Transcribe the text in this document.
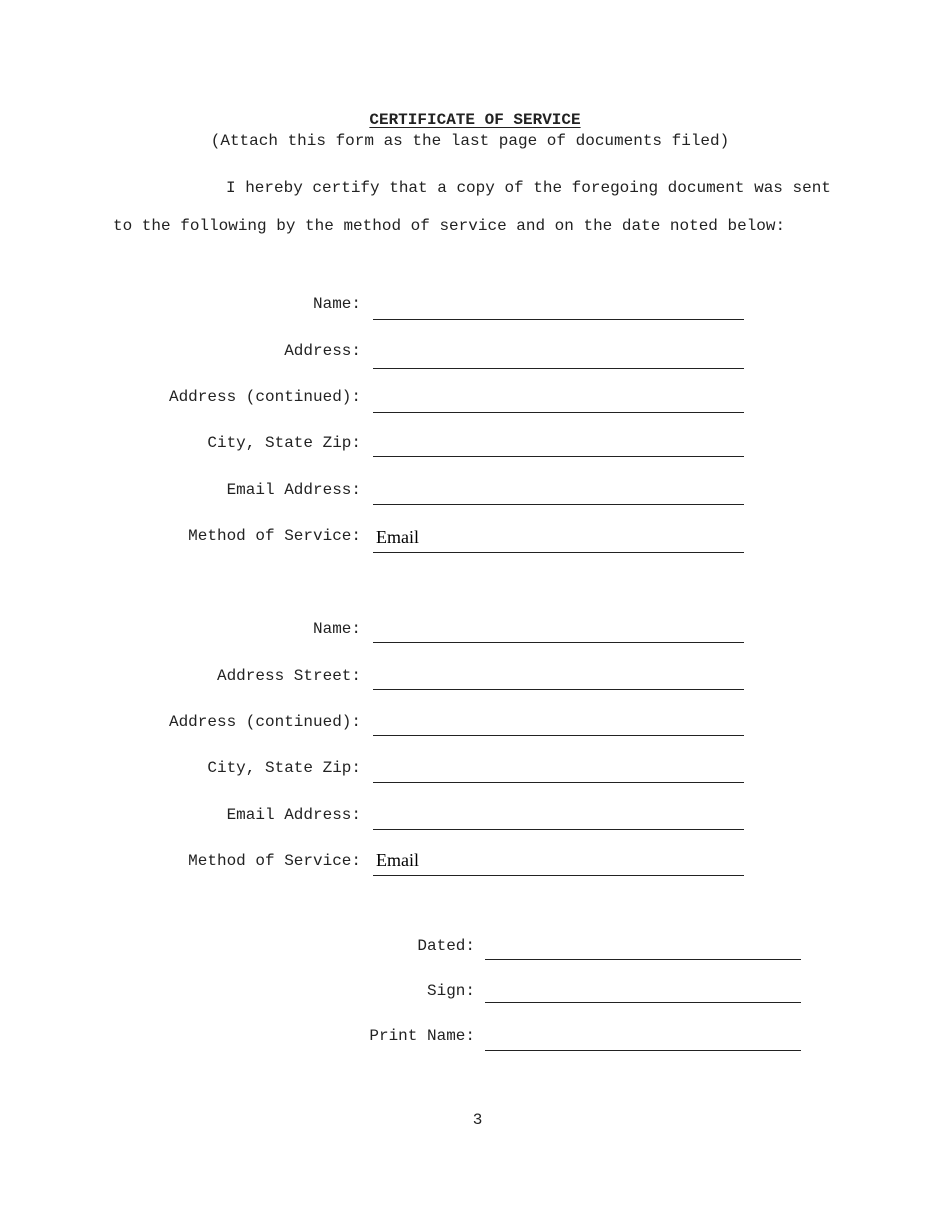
CERTIFICATE OF SERVICE
(Attach this form as the last page of documents filed)

I hereby certify that a copy of the foregoing document was sent to the following by the method of service and on the date noted below:

Name:
Address:
Address (continued):
City, State Zip:
Email Address:
Method of Service: Email
Name:
Address Street:
Address (continued):
City, State Zip:
Email Address:
Method of Service: Email
Dated:
Sign:
Print Name:
3
